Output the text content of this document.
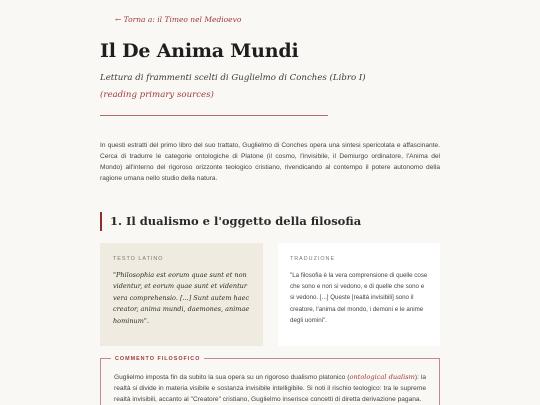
← Torna a: il Timeo nel Medioevo
Il De Anima Mundi
Lettura di frammenti scelti di Guglielmo di Conches (Libro I)
(reading primary sources)

In questi estratti del primo libro del suo trattato, Guglielmo di Conches opera una sintesi spericolata e affascinante. Cerca di tradurre le categorie ontologiche di Platone (il cosmo, l'invisibile, il Demiurgo ordinatore, l'Anima del Mondo) all'interno del rigoroso orizzonte teologico cristiano, rivendicando al contempo il potere autonomo della ragione umana nello studio della natura.

1. Il dualismo e l'oggetto della filosofia
TESTO LATINO
"Philosophia est eorum quae sunt et non videntur, et eorum quae sunt et videntur vera comprehensio. [...] Sunt autem haec creator, anima mundi, daemones, animae hominum".
TRADUZIONE
"La filosofia è la vera comprensione di quelle cose che sono e non si vedono, e di quelle che sono e si vedono. [...] Queste [realtà invisibili] sono il creatore, l'anima del mondo, i demoni e le anime degli uomini".
COMMENTO FILOSOFICO

Guglielmo imposta fin da subito la sua opera su un rigoroso dualismo platonico (ontological dualism): la realtà si divide in materia visibile e sostanza invisibile intelligibile. Si noti il rischio teologico: tra le supreme realtà invisibili, accanto al "Creatore" cristiano, Guglielmo inserisce concetti di diretta derivazione pagana.
